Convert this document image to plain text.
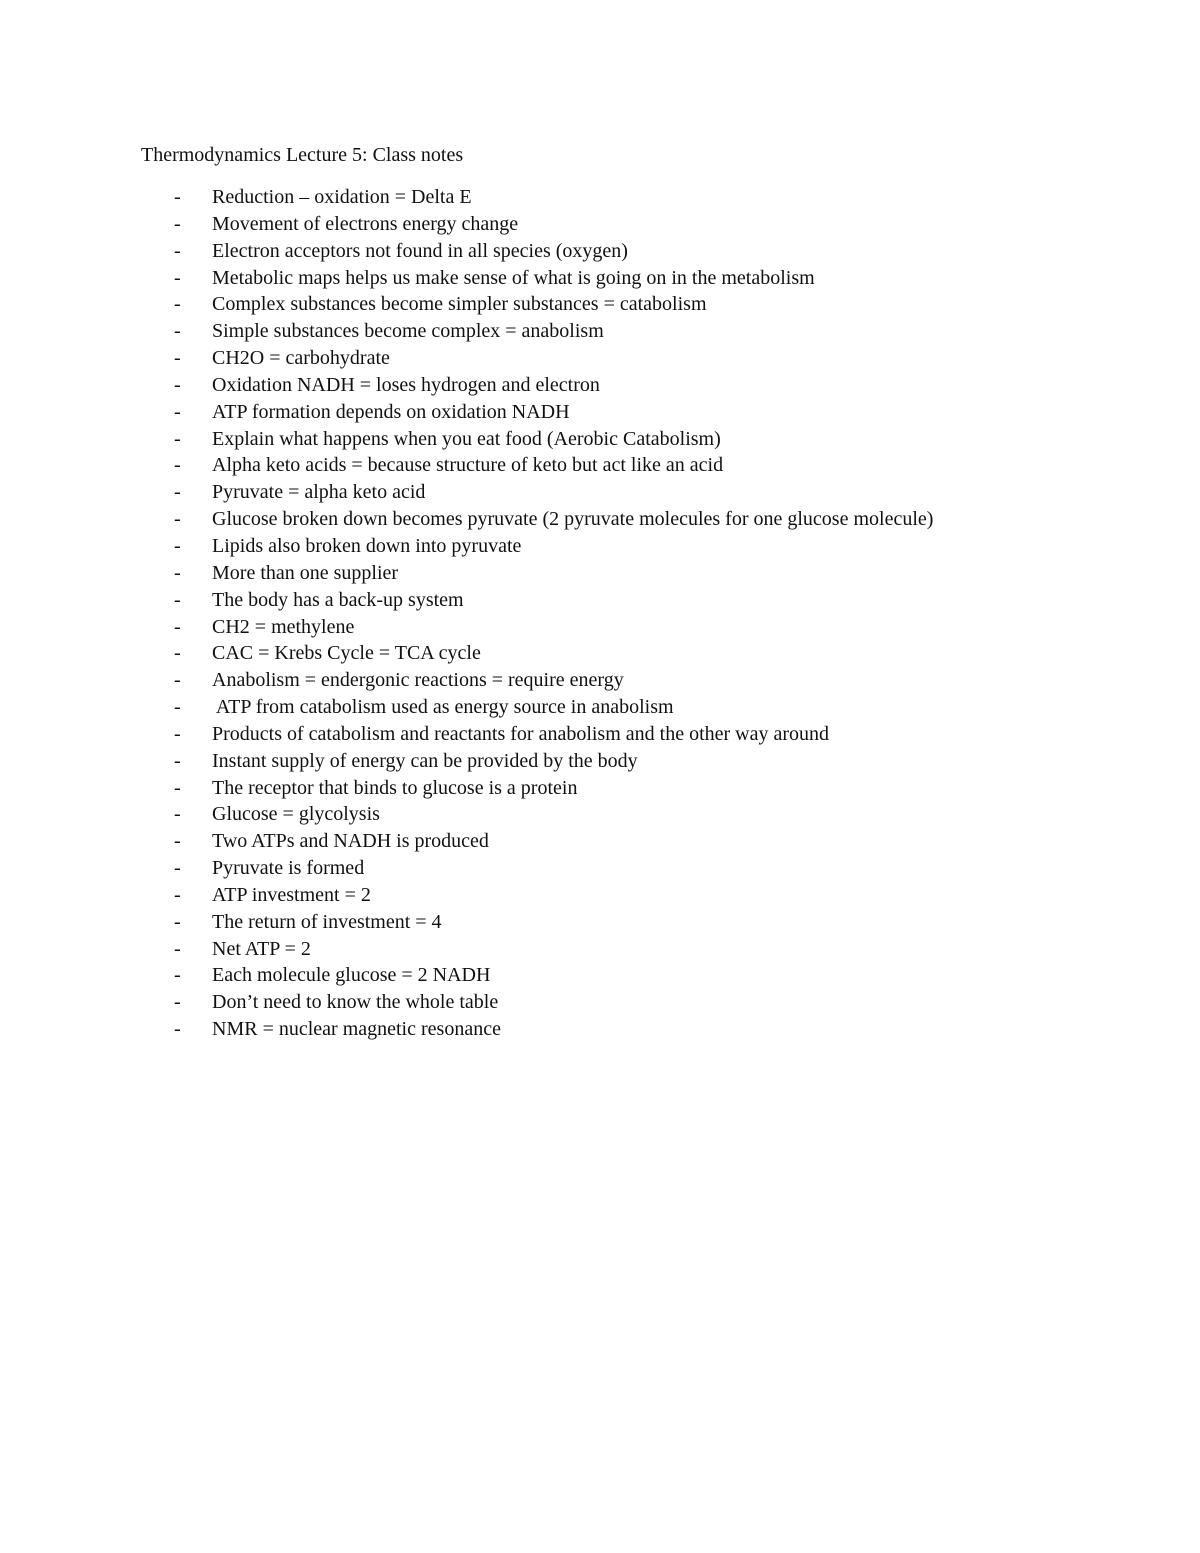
Thermodynamics Lecture 5: Class notes
- Reduction – oxidation = Delta E
- Movement of electrons energy change
- Electron acceptors not found in all species (oxygen)
- Metabolic maps helps us make sense of what is going on in the metabolism
- Complex substances become simpler substances = catabolism
- Simple substances become complex = anabolism
- CH2O = carbohydrate
- Oxidation NADH = loses hydrogen and electron
- ATP formation depends on oxidation NADH
- Explain what happens when you eat food (Aerobic Catabolism)
- Alpha keto acids = because structure of keto but act like an acid
- Pyruvate = alpha keto acid
- Glucose broken down becomes pyruvate (2 pyruvate molecules for one glucose molecule)
- Lipids also broken down into pyruvate
- More than one supplier
- The body has a back-up system
- CH2 = methylene
- CAC = Krebs Cycle = TCA cycle
- Anabolism = endergonic reactions = require energy
- ATP from catabolism used as energy source in anabolism
- Products of catabolism and reactants for anabolism and the other way around
- Instant supply of energy can be provided by the body
- The receptor that binds to glucose is a protein
- Glucose = glycolysis
- Two ATPs and NADH is produced
- Pyruvate is formed
- ATP investment = 2
- The return of investment = 4
- Net ATP = 2
- Each molecule glucose = 2 NADH
- Don’t need to know the whole table
- NMR = nuclear magnetic resonance
